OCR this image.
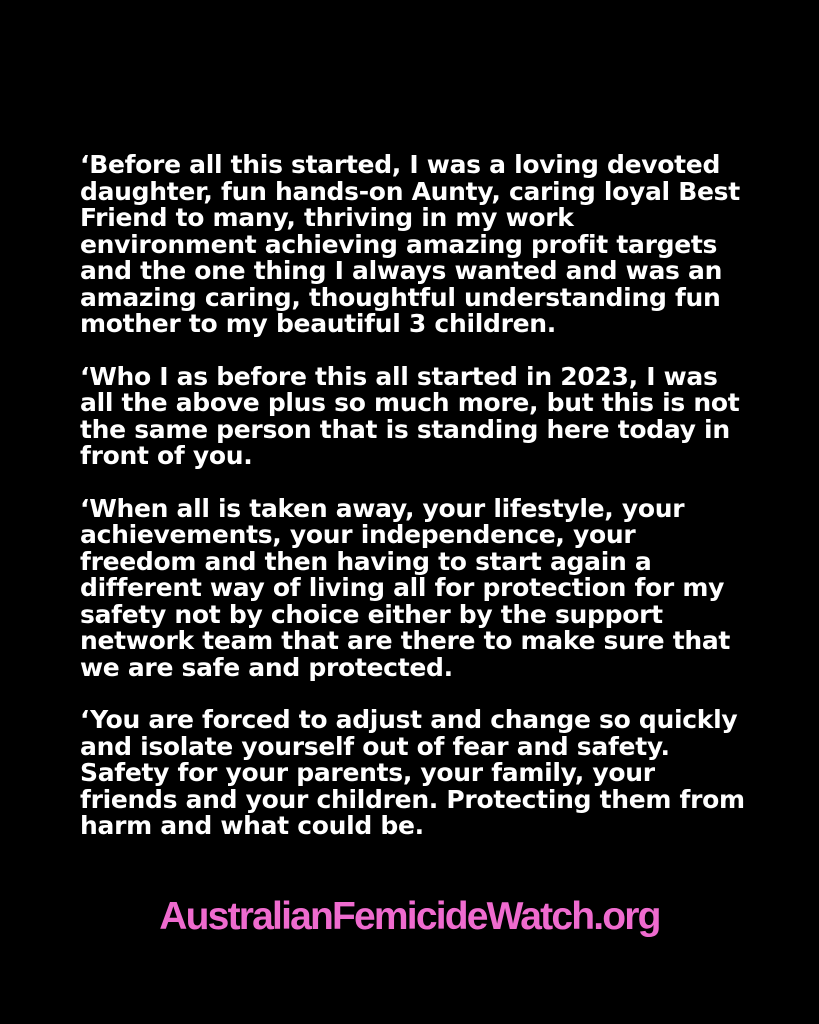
‘Before all this started, I was a loving devoted daughter, fun hands-on Aunty, caring loyal Best Friend to many, thriving in my work environment achieving amazing profit targets and the one thing I always wanted and was an amazing caring, thoughtful understanding fun mother to my beautiful 3 children.

‘Who I as before this all started in 2023, I was all the above plus so much more, but this is not the same person that is standing here today in front of you.

‘When all is taken away, your lifestyle, your achievements, your independence, your freedom and then having to start again a different way of living all for protection for my safety not by choice either by the support network team that are there to make sure that we are safe and protected.

‘You are forced to adjust and change so quickly and isolate yourself out of fear and safety. Safety for your parents, your family, your friends and your children. Protecting them from harm and what could be.

AustralianFemicideWatch.org
